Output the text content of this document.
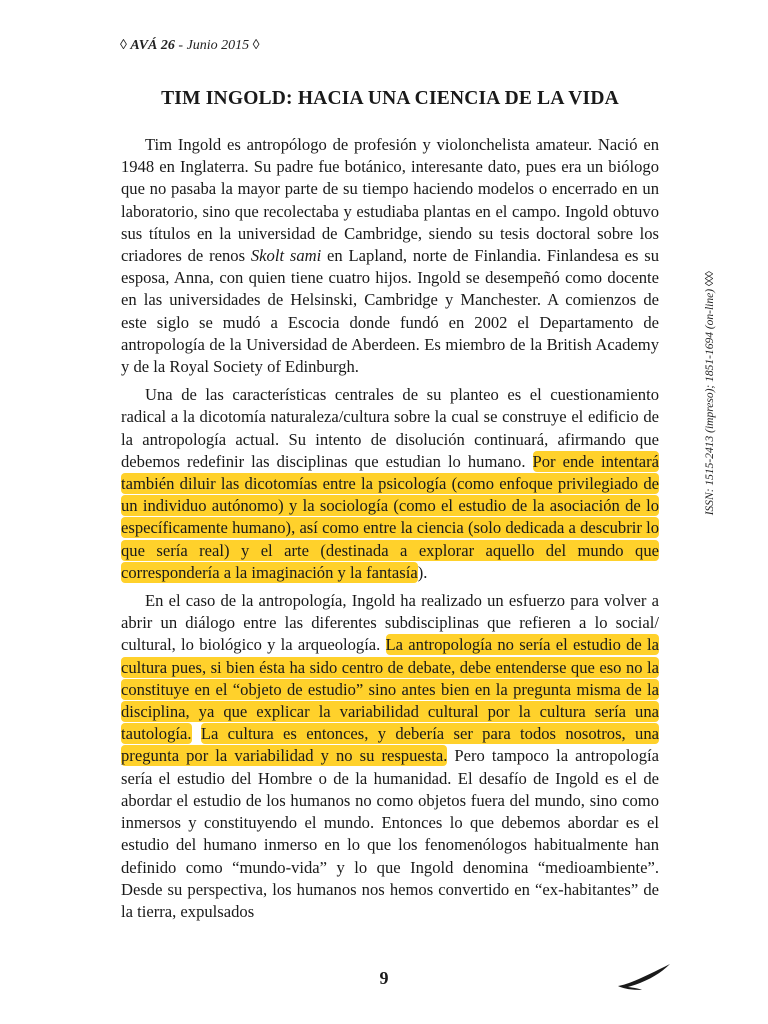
◊ AVÁ 26 - Junio 2015 ◊
TIM INGOLD: HACIA UNA CIENCIA DE LA VIDA

Tim Ingold es antropólogo de profesión y violonchelista amateur. Nació en 1948 en Inglaterra. Su padre fue botánico, interesante dato, pues era un biólogo que no pasaba la mayor parte de su tiempo haciendo modelos o encerrado en un laboratorio, sino que recolectaba y estudiaba plantas en el campo. Ingold obtuvo sus títulos en la universidad de Cambridge, siendo su tesis doctoral sobre los criadores de renos Skolt sami en Lapland, norte de Finlandia. Finlandesa es su esposa, Anna, con quien tiene cuatro hijos. Ingold se desempeñó como docente en las universidades de Helsinski, Cambridge y Manchester. A comienzos de este siglo se mudó a Escocia donde fundó en 2002 el Departamento de antropología de la Universidad de Aberdeen. Es miembro de la British Academy y de la Royal Society of Edinburgh.

Una de las características centrales de su planteo es el cuestionamiento radical a la dicotomía naturaleza/cultura sobre la cual se construye el edificio de la antropología actual. Su intento de disolución continuará, afirmando que debemos redefinir las disciplinas que estudian lo humano. Por ende intentará también diluir las dicotomías entre la psicología (como enfoque privilegiado de un individuo autónomo) y la sociología (como el estudio de la asociación de lo específicamente humano), así como entre la ciencia (solo dedicada a descubrir lo que sería real) y el arte (destinada a explorar aquello del mundo que correspondería a la imaginación y la fantasía).

En el caso de la antropología, Ingold ha realizado un esfuerzo para volver a abrir un diálogo entre las diferentes subdisciplinas que refieren a lo social/ cultural, lo biológico y la arqueología. La antropología no sería el estudio de la cultura pues, si bien ésta ha sido centro de debate, debe entenderse que eso no la constituye en el “objeto de estudio” sino antes bien en la pregunta misma de la disciplina, ya que explicar la variabilidad cultural por la cultura sería una tautología. La cultura es entonces, y debería ser para todos nosotros, una pregunta por la variabilidad y no su respuesta. Pero tampoco la antropología sería el estudio del Hombre o de la humanidad. El desafío de Ingold es el de abordar el estudio de los humanos no como objetos fuera del mundo, sino como inmersos y constituyendo el mundo. Entonces lo que debemos abordar es el estudio del humano inmerso en lo que los fenomenólogos habitualmente han definido como “mundo-vida” y lo que Ingold denomina “medioambiente”. Desde su perspectiva, los humanos nos hemos convertido en “ex-habitantes” de la tierra, expulsados

ISSN: 1515-2413 (impreso); 1851-1694 (on-line) ◊◊◊
9
